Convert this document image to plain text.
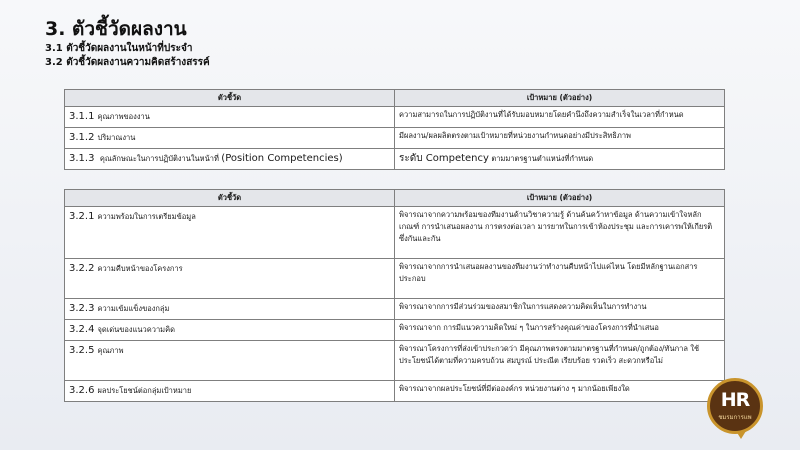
3. ตัวชี้วัดผลงาน
3.1 ตัวชี้วัดผลงานในหน้าที่ประจำ
3.2 ตัวชี้วัดผลงานความคิดสร้างสรรค์
ตัวชี้วัด	เป้าหมาย (ตัวอย่าง)
3.1.1 คุณภาพของงาน	ความสามารถในการปฏิบัติงานที่ได้รับมอบหมายโดยคำนึงถึงความสำเร็จในเวลาที่กำหนด
3.1.2 ปริมาณงาน	มีผลงาน/ผลผลิตตรงตามเป้าหมายที่หน่วยงานกำหนดอย่างมีประสิทธิภาพ
3.1.3 คุณลักษณะในการปฏิบัติงานในหน้าที่ (Position Competencies)	ระดับ Competency ตามมาตรฐานตำแหน่งที่กำหนด
ตัวชี้วัด	เป้าหมาย (ตัวอย่าง)
3.2.1 ความพร้อมในการเตรียมข้อมูล	พิจารณาจากความพร้อมของทีมงานด้านวิชาความรู้ ด้านค้นคว้าหาข้อมูล ด้านความเข้าใจหลักเกณฑ์ การนำเสนอผลงาน การตรงต่อเวลา มารยาทในการเข้าห้องประชุม และการเคารพให้เกียรติซึ่งกันและกัน
3.2.2 ความคืบหน้าของโครงการ	พิจารณาจากการนำเสนอผลงานของทีมงานว่าทำงานคืบหน้าไปแค่ไหน โดยมีหลักฐานเอกสารประกอบ
3.2.3 ความเข้มแข็งของกลุ่ม	พิจารณาจากการมีส่วนร่วมของสมาชิกในการแสดงความคิดเห็นในการทำงาน
3.2.4 จุดเด่นของแนวความคิด	พิจารณาจาก การมีแนวความคิดใหม่ ๆ ในการสร้างคุณค่าของโครงการที่นำเสนอ
3.2.5 คุณภาพ	พิจารณาโครงการที่ส่งเข้าประกวดว่า มีคุณภาพตรงตามมาตรฐานที่กำหนด/ถูกต้อง/ทันกาล ใช้ประโยชน์ได้ตามที่ความครบถ้วน สมบูรณ์ ประณีต เรียบร้อย รวดเร็ว สะดวกหรือไม่
3.2.6 ผลประโยชน์ต่อกลุ่มเป้าหมาย	พิจารณาจากผลประโยชน์ที่มีต่อองค์กร หน่วยงานต่าง ๆ มากน้อยเพียงใด
HR
ชมรมการแพ
